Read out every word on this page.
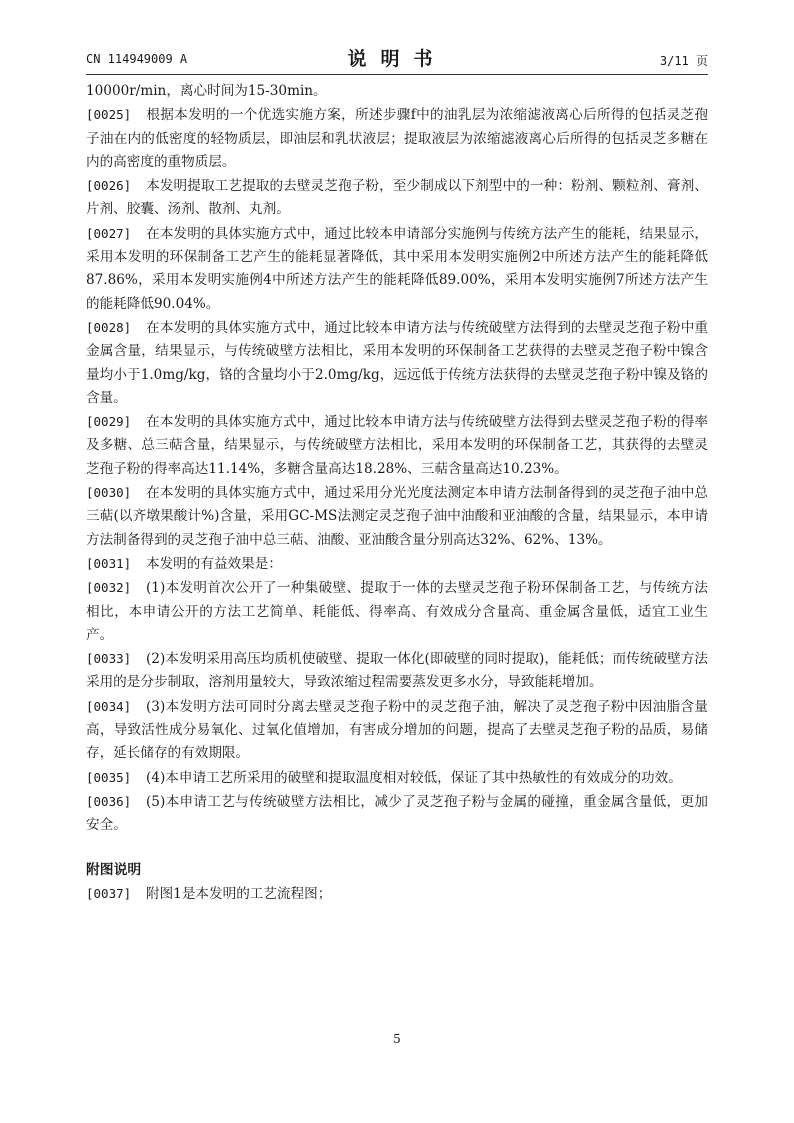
CN 114949009 A	说明书	3/11 页

10000r/min，离心时间为15-30min。

[0025] 根据本发明的一个优选实施方案，所述步骤f中的油乳层为浓缩滤液离心后所得的包括灵芝孢子油在内的低密度的轻物质层，即油层和乳状液层；提取液层为浓缩滤液离心后所得的包括灵芝多糖在内的高密度的重物质层。

[0026] 本发明提取工艺提取的去壁灵芝孢子粉，至少制成以下剂型中的一种：粉剂、颗粒剂、膏剂、片剂、胶囊、汤剂、散剂、丸剂。

[0027] 在本发明的具体实施方式中，通过比较本申请部分实施例与传统方法产生的能耗，结果显示，采用本发明的环保制备工艺产生的能耗显著降低，其中采用本发明实施例2中所述方法产生的能耗降低87.86%，采用本发明实施例4中所述方法产生的能耗降低89.00%，采用本发明实施例7所述方法产生的能耗降低90.04%。

[0028] 在本发明的具体实施方式中，通过比较本申请方法与传统破壁方法得到的去壁灵芝孢子粉中重金属含量，结果显示，与传统破壁方法相比，采用本发明的环保制备工艺获得的去壁灵芝孢子粉中镍含量均小于1.0mg/kg，铬的含量均小于2.0mg/kg，远远低于传统方法获得的去壁灵芝孢子粉中镍及铬的含量。

[0029] 在本发明的具体实施方式中，通过比较本申请方法与传统破壁方法得到去壁灵芝孢子粉的得率及多糖、总三萜含量，结果显示，与传统破壁方法相比，采用本发明的环保制备工艺，其获得的去壁灵芝孢子粉的得率高达11.14%，多糖含量高达18.28%、三萜含量高达10.23%。

[0030] 在本发明的具体实施方式中，通过采用分光光度法测定本申请方法制备得到的灵芝孢子油中总三萜(以齐墩果酸计%)含量，采用GC-MS法测定灵芝孢子油中油酸和亚油酸的含量，结果显示，本申请方法制备得到的灵芝孢子油中总三萜、油酸、亚油酸含量分别高达32%、62%、13%。

[0031] 本发明的有益效果是：

[0032] (1)本发明首次公开了一种集破壁、提取于一体的去壁灵芝孢子粉环保制备工艺，与传统方法相比，本申请公开的方法工艺简单、耗能低、得率高、有效成分含量高、重金属含量低，适宜工业生产。

[0033] (2)本发明采用高压均质机使破壁、提取一体化(即破壁的同时提取)，能耗低；而传统破壁方法采用的是分步制取，溶剂用量较大，导致浓缩过程需要蒸发更多水分，导致能耗增加。

[0034] (3)本发明方法可同时分离去壁灵芝孢子粉中的灵芝孢子油，解决了灵芝孢子粉中因油脂含量高，导致活性成分易氧化、过氧化值增加，有害成分增加的问题，提高了去壁灵芝孢子粉的品质，易储存，延长储存的有效期限。

[0035] (4)本申请工艺所采用的破壁和提取温度相对较低，保证了其中热敏性的有效成分的功效。

[0036] (5)本申请工艺与传统破壁方法相比，减少了灵芝孢子粉与金属的碰撞，重金属含量低，更加安全。

附图说明

[0037] 附图1是本发明的工艺流程图；

5
